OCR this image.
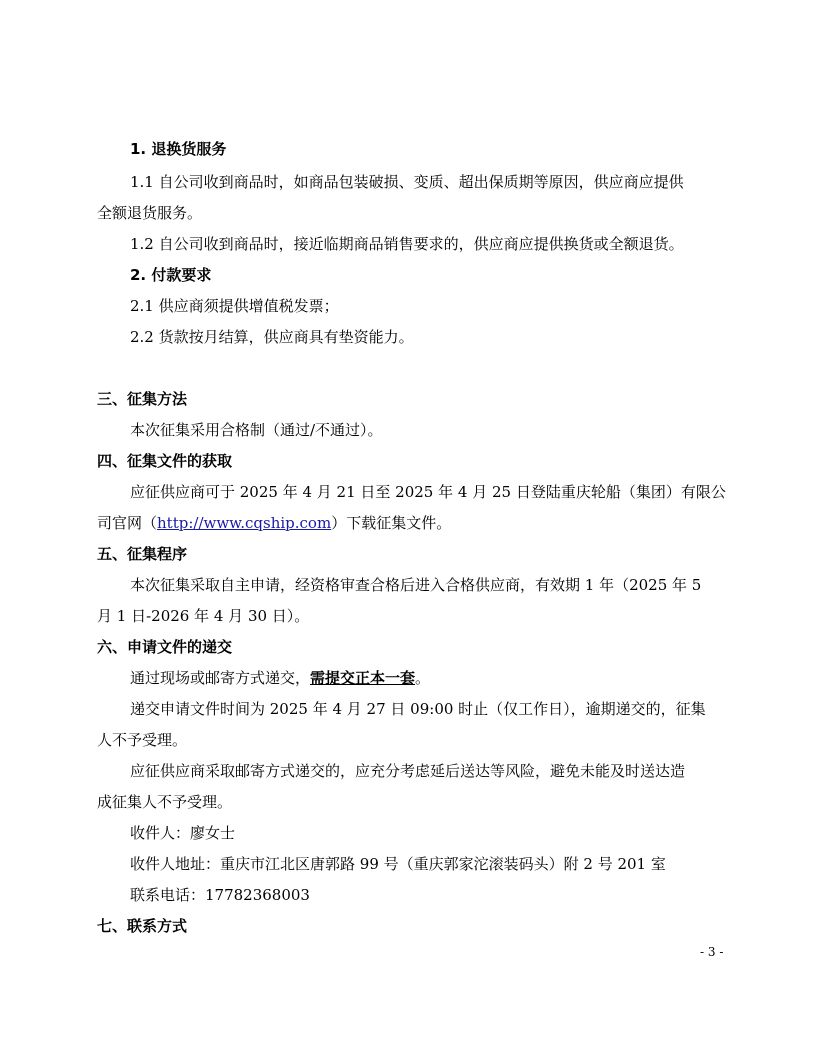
1. 退换货服务
1.1 自公司收到商品时，如商品包装破损、变质、超出保质期等原因，供应商应提供
全额退货服务。
1.2 自公司收到商品时，接近临期商品销售要求的，供应商应提供换货或全额退货。
2. 付款要求
2.1 供应商须提供增值税发票；
2.2 货款按月结算，供应商具有垫资能力。
三、征集方法
本次征集采用合格制（通过/不通过）。
四、征集文件的获取
应征供应商可于 2025 年 4 月 21 日至 2025 年 4 月 25 日登陆重庆轮船（集团）有限公
司官网（http://www.cqship.com）下载征集文件。
五、征集程序
本次征集采取自主申请，经资格审查合格后进入合格供应商，有效期 1 年（2025 年 5
月 1 日-2026 年 4 月 30 日）。
六、申请文件的递交
通过现场或邮寄方式递交，需提交正本一套。
递交申请文件时间为 2025 年 4 月 27 日 09:00 时止（仅工作日），逾期递交的，征集
人不予受理。
应征供应商采取邮寄方式递交的，应充分考虑延后送达等风险，避免未能及时送达造
成征集人不予受理。
收件人：廖女士
收件人地址：重庆市江北区唐郭路 99 号（重庆郭家沱滚装码头）附 2 号 201 室
联系电话：17782368003
七、联系方式
- 3 -
